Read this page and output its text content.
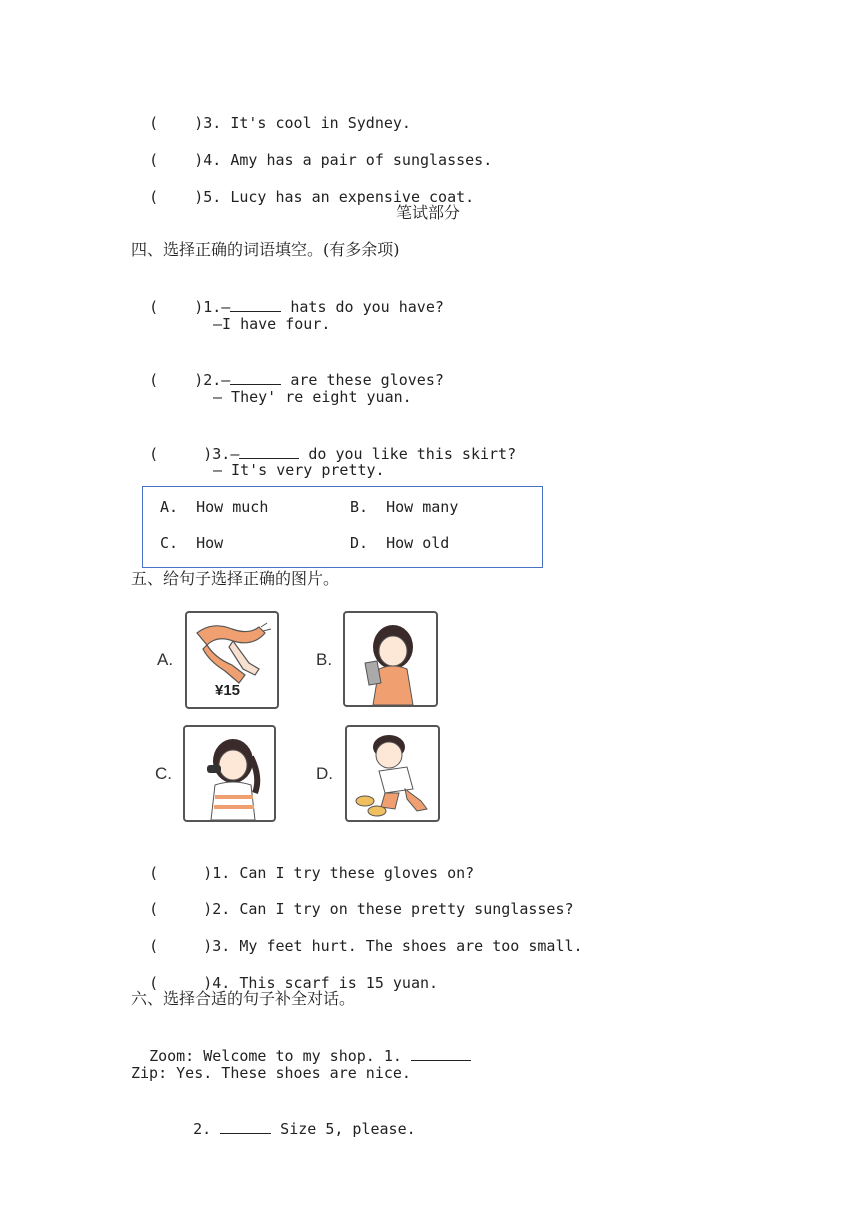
(    )3. It's cool in Sydney.

(    )4. Amy has a pair of sunglasses.

(    )5. Lucy has an expensive coat.

笔试部分
四、选择正确的词语填空。(有多余项)

(    )1.—	hats do you have?

—I have four.

(    )2.—	are these gloves?

— They' re eight yuan.

(     )3.—	do you like this skirt?

— It's very pretty.
A.  How much	B.  How many
C.  How	D.  How old
五、给句子选择正确的图片。
A.
¥15
B.
C.	D.

(     )1. Can I try these gloves on?

(     )2. Can I try on these pretty sunglasses?

(     )3. My feet hurt. The shoes are too small.

(     )4. This scarf is 15 yuan.

六、选择合适的句子补全对话。

Zoom: Welcome to my shop. 1.

Zip: Yes. These shoes are nice.

2.	Size 5, please.
